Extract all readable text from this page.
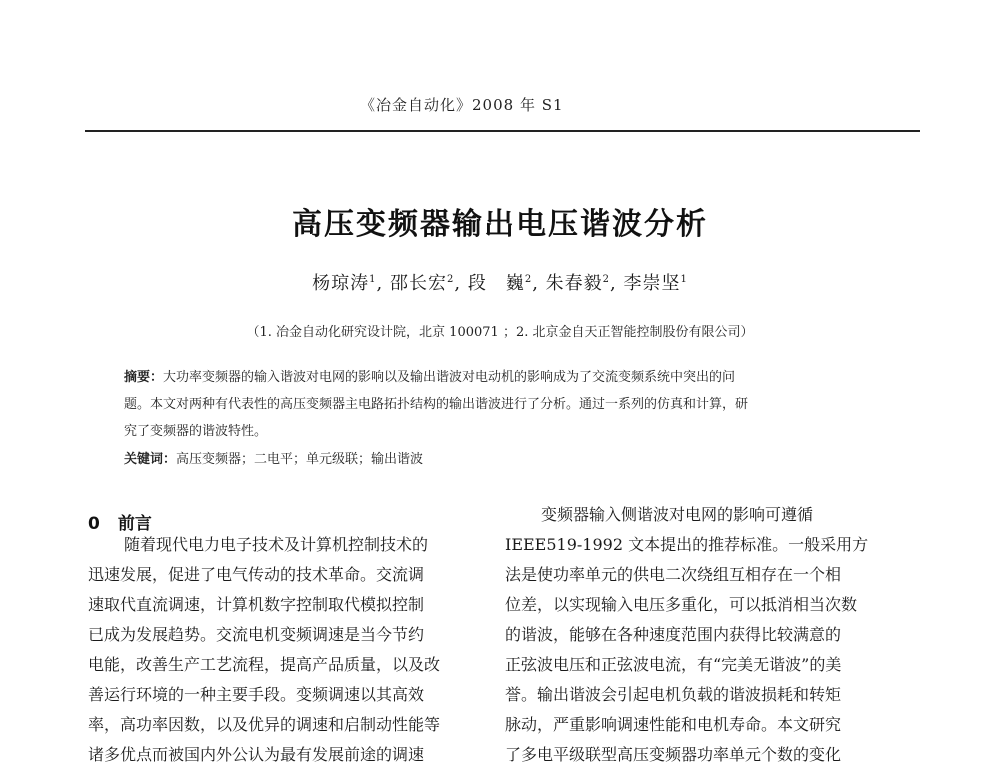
《冶金自动化》2008 年 S1
高压变频器输出电压谐波分析
杨琼涛$^1$, 邵长宏$^2$, 段　巍$^2$, 朱春毅$^2$, 李崇坚$^1$
（1. 冶金自动化研究设计院，北京 100071 ；2. 北京金自天正智能控制股份有限公司）
摘要：大功率变频器的输入谐波对电网的影响以及输出谐波对电动机的影响成为了交流变频系统中突出的问
题。本文对两种有代表性的高压变频器主电路拓扑结构的输出谐波进行了分析。通过一系列的仿真和计算，研
究了变频器的谐波特性。
关键词：高压变频器；二电平；单元级联；输出谐波
0 前言
随着现代电力电子技术及计算机控制技术的
迅速发展，促进了电气传动的技术革命。交流调
速取代直流调速，计算机数字控制取代模拟控制
已成为发展趋势。交流电机变频调速是当今节约
电能，改善生产工艺流程，提高产品质量，以及改
善运行环境的一种主要手段。变频调速以其高效
率，高功率因数，以及优异的调速和启制动性能等
诸多优点而被国内外公认为最有发展前途的调速
变频器输入侧谐波对电网的影响可遵循
IEEE519-1992 文本提出的推荐标准。一般采用方
法是使功率单元的供电二次绕组互相存在一个相
位差，以实现输入电压多重化，可以抵消相当次数
的谐波，能够在各种速度范围内获得比较满意的
正弦波电压和正弦波电流，有“完美无谐波”的美
誉。输出谐波会引起电机负载的谐波损耗和转矩
脉动，严重影响调速性能和电机寿命。本文研究
了多电平级联型高压变频器功率单元个数的变化
